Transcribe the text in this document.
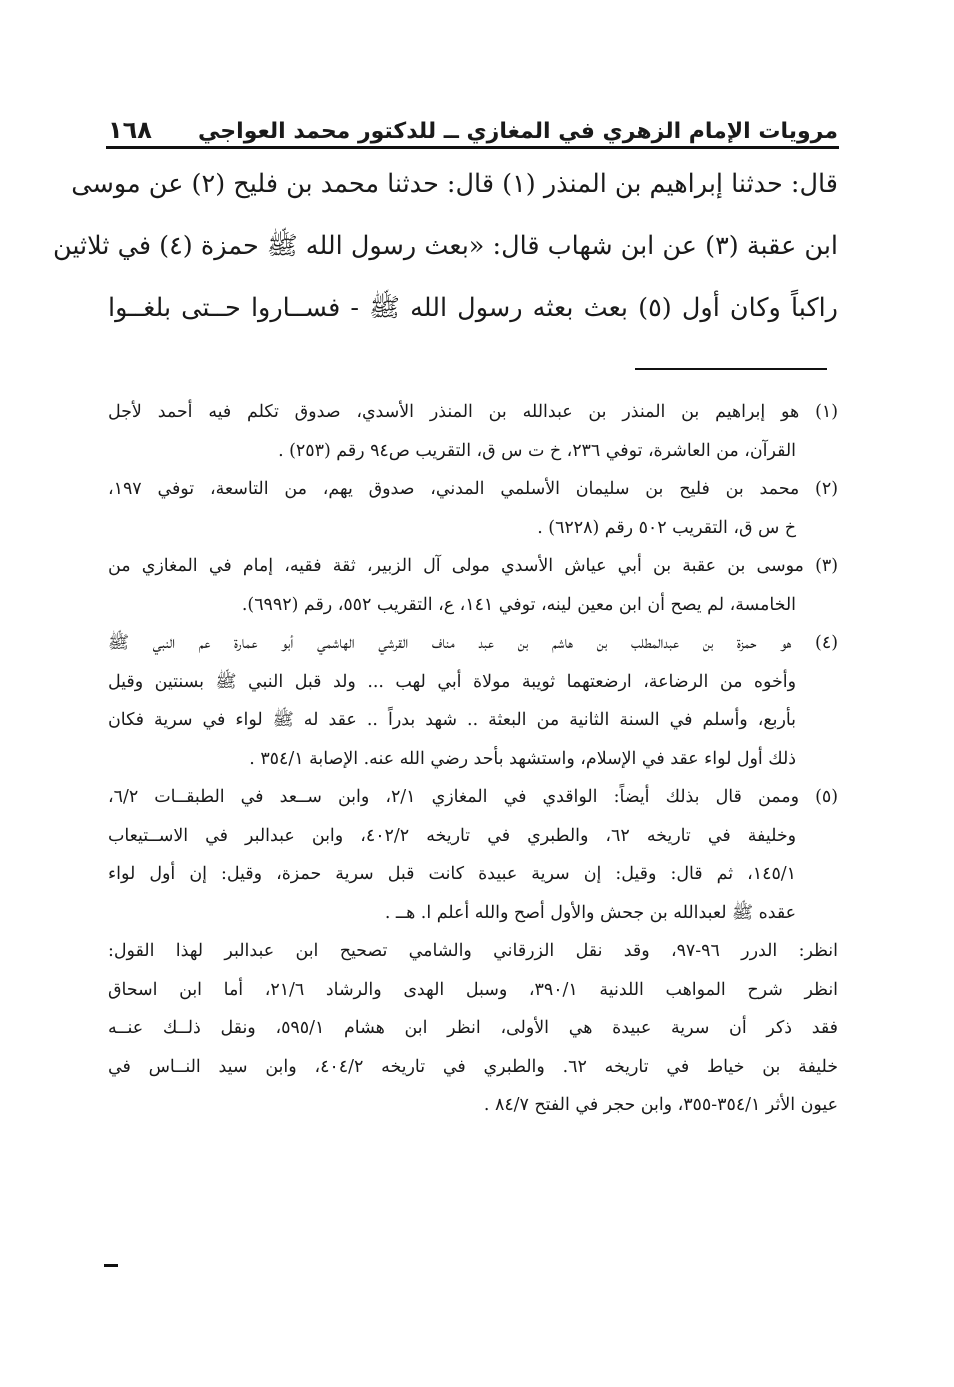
مرويات الإمام الزهري في المغازي ــ للدكتور محمد العواجي
١٦٨
قال: حدثنا إبراهيم بن المنذر (١) قال: حدثنا محمد بن فليح (٢) عن موسى
ابن عقبة (٣) عن ابن شهاب قال: «بعث رسول الله ﷺ حمزة (٤) في ثلاثين
راكباً وكان أول (٥) بعث بعثه رسول الله ﷺ - فســاروا حــتى بلغــوا
(١) هو إبراهيم بن المنذر بن عبدالله بن المنذر الأسدي، صدوق تكلم فيه أحمد لأجل
القرآن، من العاشرة، توفي ٢٣٦، خ ت س ق، التقريب ص٩٤ رقم (٢٥٣) .
(٢) محمد بن فليح بن سليمان الأسلمي المدني، صدوق يهم، من التاسعة، توفي ١٩٧،
خ س ق، التقريب ٥٠٢ رقم (٦٢٢٨) .
(٣) موسى بن عقبة بن أبي عياش الأسدي مولى آل الزبير، ثقة فقيه، إمام في المغازي من
الخامسة، لم يصح أن ابن معين لينه، توفي ١٤١، ع، التقريب ٥٥٢، رقم (٦٩٩٢).
(٤) هو حمزة بن عبدالمطلب بن هاشم بن عبد مناف القرشي الهاشمي أبو عمارة عم النبي ﷺ
وأخوه من الرضاعة، ارضعتهما ثويبة مولاة أبي لهب ... ولد قبل النبي ﷺ بسنتين وقيل
بأربع، وأسلم في السنة الثانية من البعثة .. شهد بدراً .. عقد له ﷺ لواء في سرية فكان
ذلك أول لواء عقد في الإسلام، واستشهد بأحد رضي الله عنه. الإصابة ٣٥٤/١ .
(٥) وممن قال بذلك أيضاً: الواقدي في المغازي ٢/١، وابن ســعد في الطبقــات ٦/٢،
وخليفة في تاريخه ٦٢، والطبري في تاريخه ٤٠٢/٢، وابن عبدالبر في الاســتيعاب
١٤٥/١، ثم قال: وقيل: إن سرية عبيدة كانت قبل سرية حمزة، وقيل: إن أول لواء
عقده ﷺ لعبدالله بن جحش والأول أصح والله أعلم ا. هــ .
انظر: الدرر ٩٦-٩٧، وقد نقل الزرقاني والشامي تصحيح ابن عبدالبر لهذا القول:
انظر شرح المواهب اللدنية ٣٩٠/١، وسبل الهدى والرشاد ٢١/٦، أما ابن اسحاق
فقد ذكر أن سرية عبيدة هي الأولى، انظر ابن هشام ٥٩٥/١، ونقل ذلــك عنــه
خليفة بن خياط في تاريخه ٦٢. والطبري في تاريخه ٤٠٤/٢، وابن سيد النــاس في
عيون الأثر ٣٥٤/١-٣٥٥، وابن حجر في الفتح ٨٤/٧ .
